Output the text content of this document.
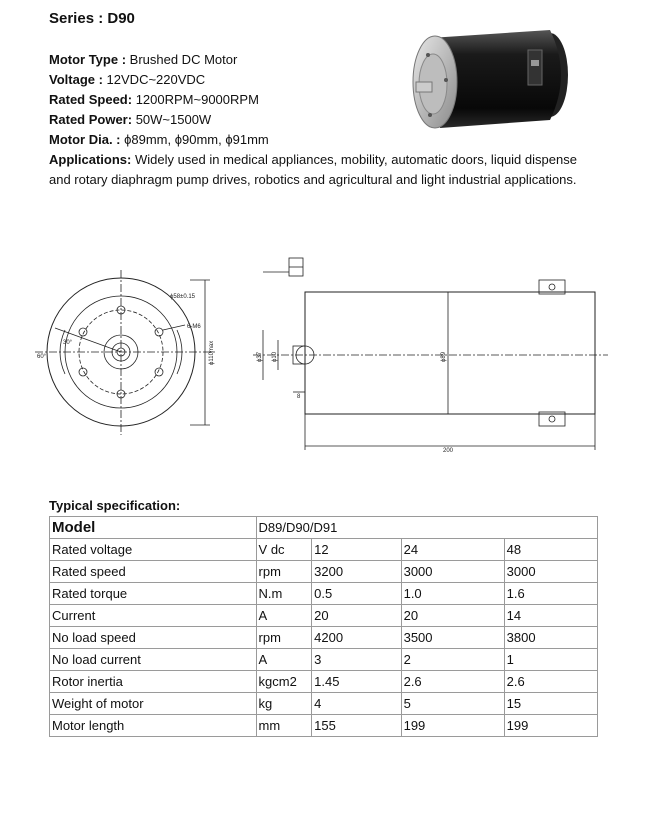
Series : D90
Motor Type : Brushed DC Motor
Voltage : 12VDC~220VDC
Rated Speed: 1200RPM~9000RPM
Rated Power: 50W~1500W
Motor Dia. : ϕ89mm, ϕ90mm, ϕ91mm
Applications: Widely used in medical appliances, mobility, automatic doors, liquid dispense and rotary diaphragm pump drives, robotics and agricultural and light industrial applications.
ϕ58±0.15
6-M6
30°
60°	ϕ110max	ϕ89
200
8
ϕ37 ϕ10
Typical specification:
Model	D89/D90/D91			
Rated voltage	V dc	12	24	48
Rated speed	rpm	3200	3000	3000
Rated torque	N.m	0.5	1.0	1.6
Current	A	20	20	14
No load speed	rpm	4200	3500	3800
No load current	A	3	2	1
Rotor inertia	kgcm2	1.45	2.6	2.6
Weight of motor	kg	4	5	15
Motor length	mm	155	199	199
